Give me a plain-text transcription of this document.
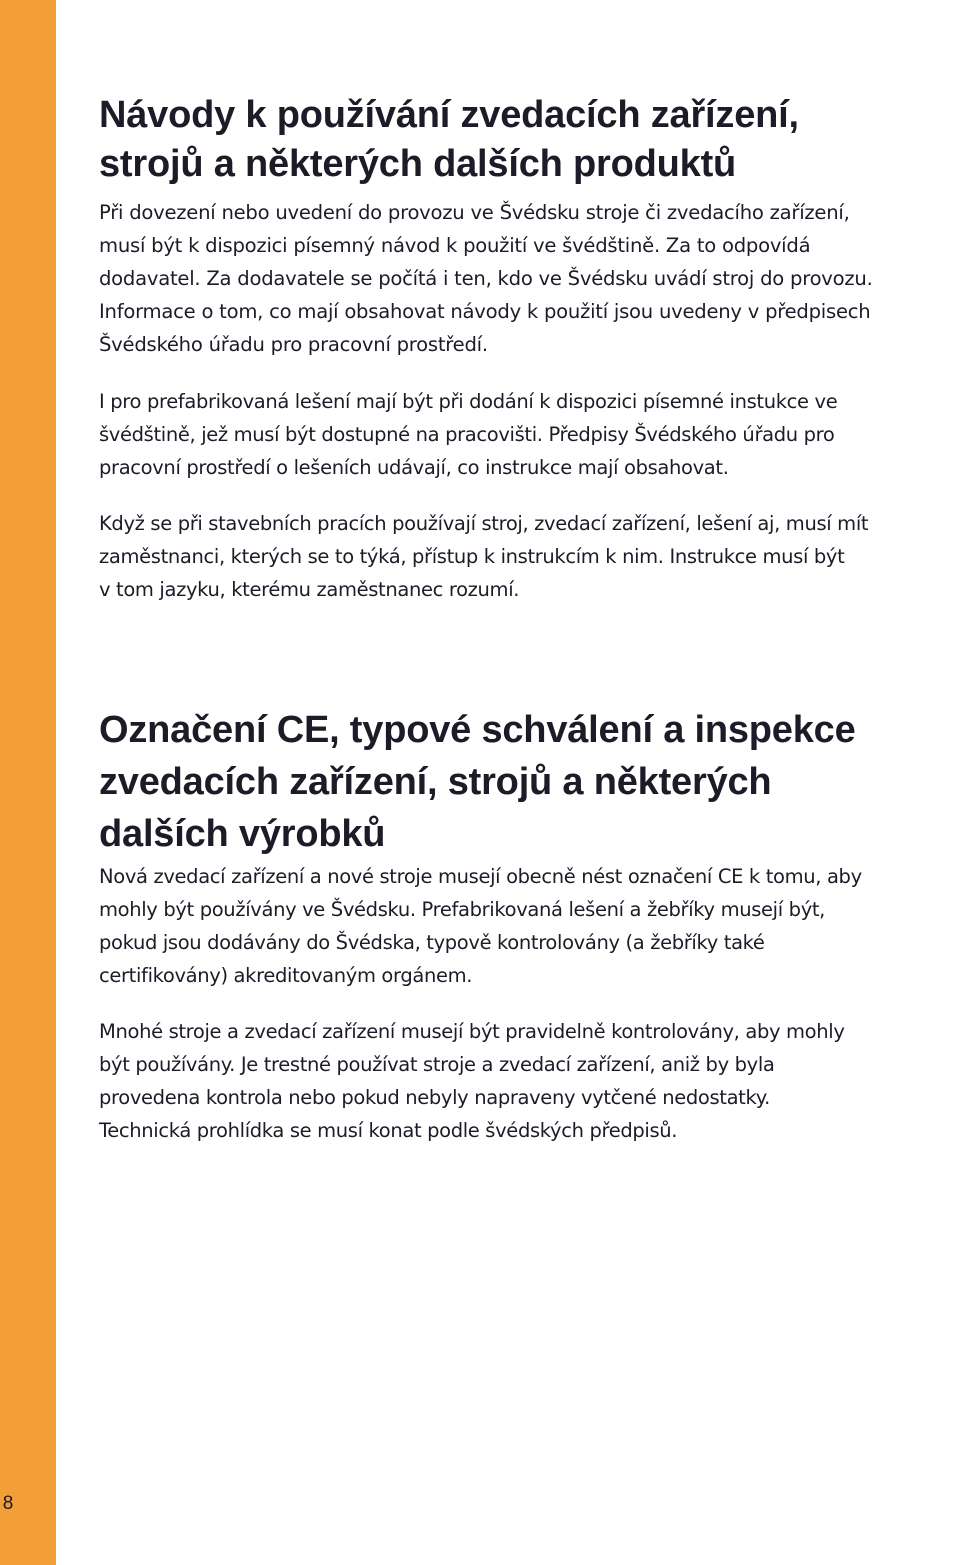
8
Návody k používání zvedacích zařízení,
strojů a některých dalších produktů

Při dovezení nebo uvedení do provozu ve Švédsku stroje či zvedacího zařízení,
musí být k dispozici písemný návod k použití ve švédštině. Za to odpovídá
dodavatel. Za dodavatele se počítá i ten, kdo ve Švédsku uvádí stroj do provozu.
Informace o tom, co mají obsahovat návody k použití jsou uvedeny v předpisech
Švédského úřadu pro pracovní prostředí.

I pro prefabrikovaná lešení mají být při dodání k dispozici písemné instukce ve
švédštině, jež musí být dostupné na pracovišti. Předpisy Švédského úřadu pro
pracovní prostředí o lešeních udávají, co instrukce mají obsahovat.

Když se při stavebních pracích používají stroj, zvedací zařízení, lešení aj, musí mít
zaměstnanci, kterých se to týká, přístup k instrukcím k nim. Instrukce musí být
v tom jazyku, kterému zaměstnanec rozumí.

Označení CE, typové schválení a inspekce
zvedacích zařízení, strojů a některých
dalších výrobků

Nová zvedací zařízení a nové stroje musejí obecně nést označení CE k tomu, aby
mohly být používány ve Švédsku. Prefabrikovaná lešení a žebříky musejí být,
pokud jsou dodávány do Švédska, typově kontrolovány (a žebříky také
certifikovány) akreditovaným orgánem.

Mnohé stroje a zvedací zařízení musejí být pravidelně kontrolovány, aby mohly
být používány. Je trestné používat stroje a zvedací zařízení, aniž by byla
provedena kontrola nebo pokud nebyly napraveny vytčené nedostatky.
Technická prohlídka se musí konat podle švédských předpisů.
